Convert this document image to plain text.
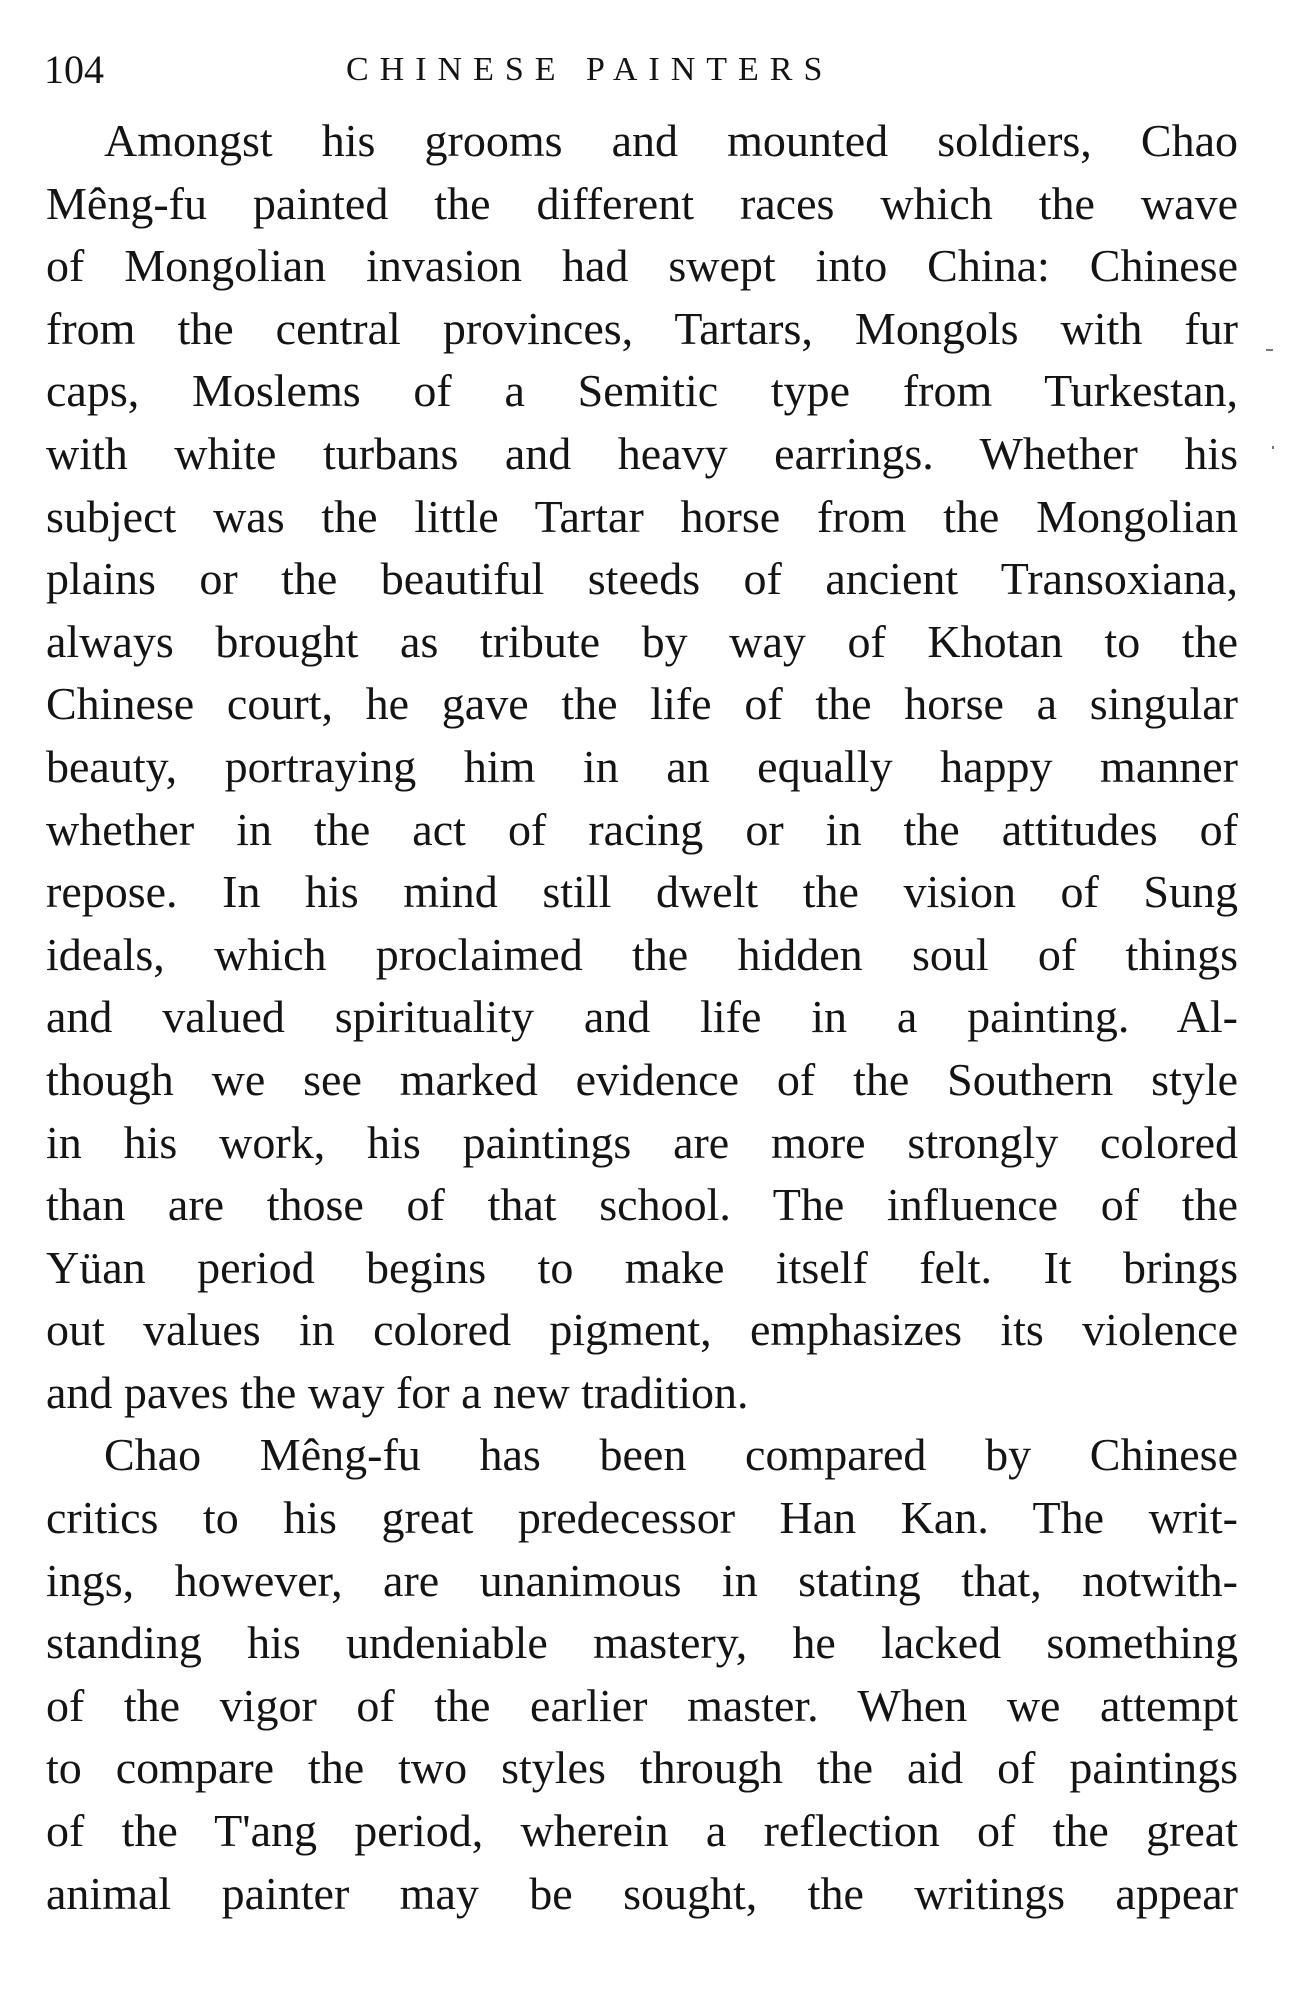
104	CHINESE PAINTERS
Amongst his grooms and mounted soldiers, Chao
Mêng-fu painted the different races which the wave
of Mongolian invasion had swept into China: Chinese
from the central provinces, Tartars, Mongols with fur
caps, Moslems of a Semitic type from Turkestan,
with white turbans and heavy earrings. Whether his
subject was the little Tartar horse from the Mongolian
plains or the beautiful steeds of ancient Transoxiana,
always brought as tribute by way of Khotan to the
Chinese court, he gave the life of the horse a singular
beauty, portraying him in an equally happy manner
whether in the act of racing or in the attitudes of
repose. In his mind still dwelt the vision of Sung
ideals, which proclaimed the hidden soul of things
and valued spirituality and life in a painting. Al-
though we see marked evidence of the Southern style
in his work, his paintings are more strongly colored
than are those of that school. The influence of the
Yüan period begins to make itself felt. It brings
out values in colored pigment, emphasizes its violence
and paves the way for a new tradition.
Chao Mêng-fu has been compared by Chinese
critics to his great predecessor Han Kan. The writ-
ings, however, are unanimous in stating that, notwith-
standing his undeniable mastery, he lacked something
of the vigor of the earlier master. When we attempt
to compare the two styles through the aid of paintings
of the T'ang period, wherein a reflection of the great
animal painter may be sought, the writings appear
